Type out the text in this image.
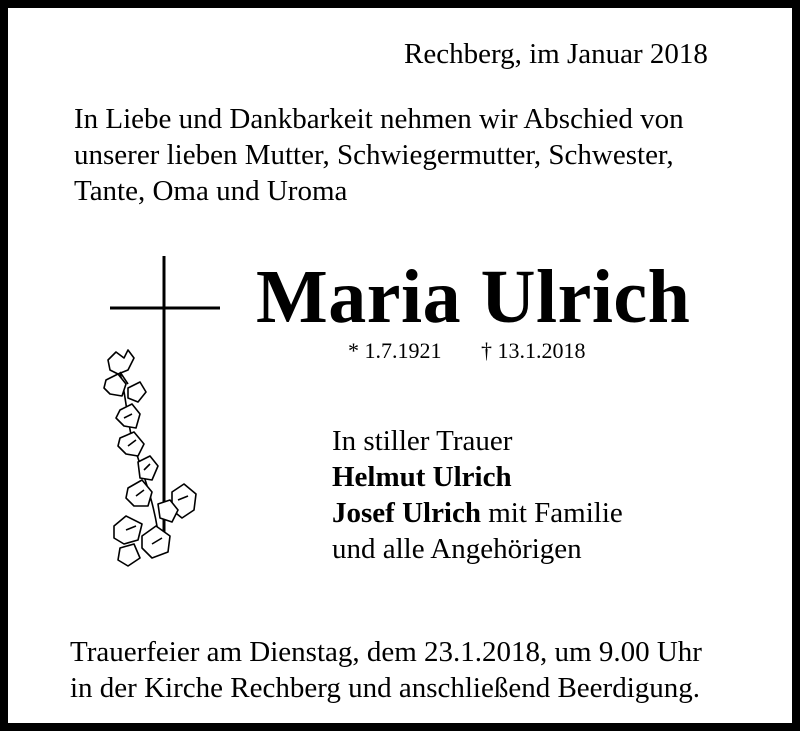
Rechberg, im Januar 2018
In Liebe und Dankbarkeit nehmen wir Abschied von
unserer lieben Mutter, Schwiegermutter, Schwester,
Tante, Oma und Uroma
Maria Ulrich
* 1.7.1921 † 13.1.2018
In stiller Trauer
Helmut Ulrich
Josef Ulrich mit Familie
und alle Angehörigen
Trauerfeier am Dienstag, dem 23.1.2018, um 9.00 Uhr
in der Kirche Rechberg und anschließend Beerdigung.
